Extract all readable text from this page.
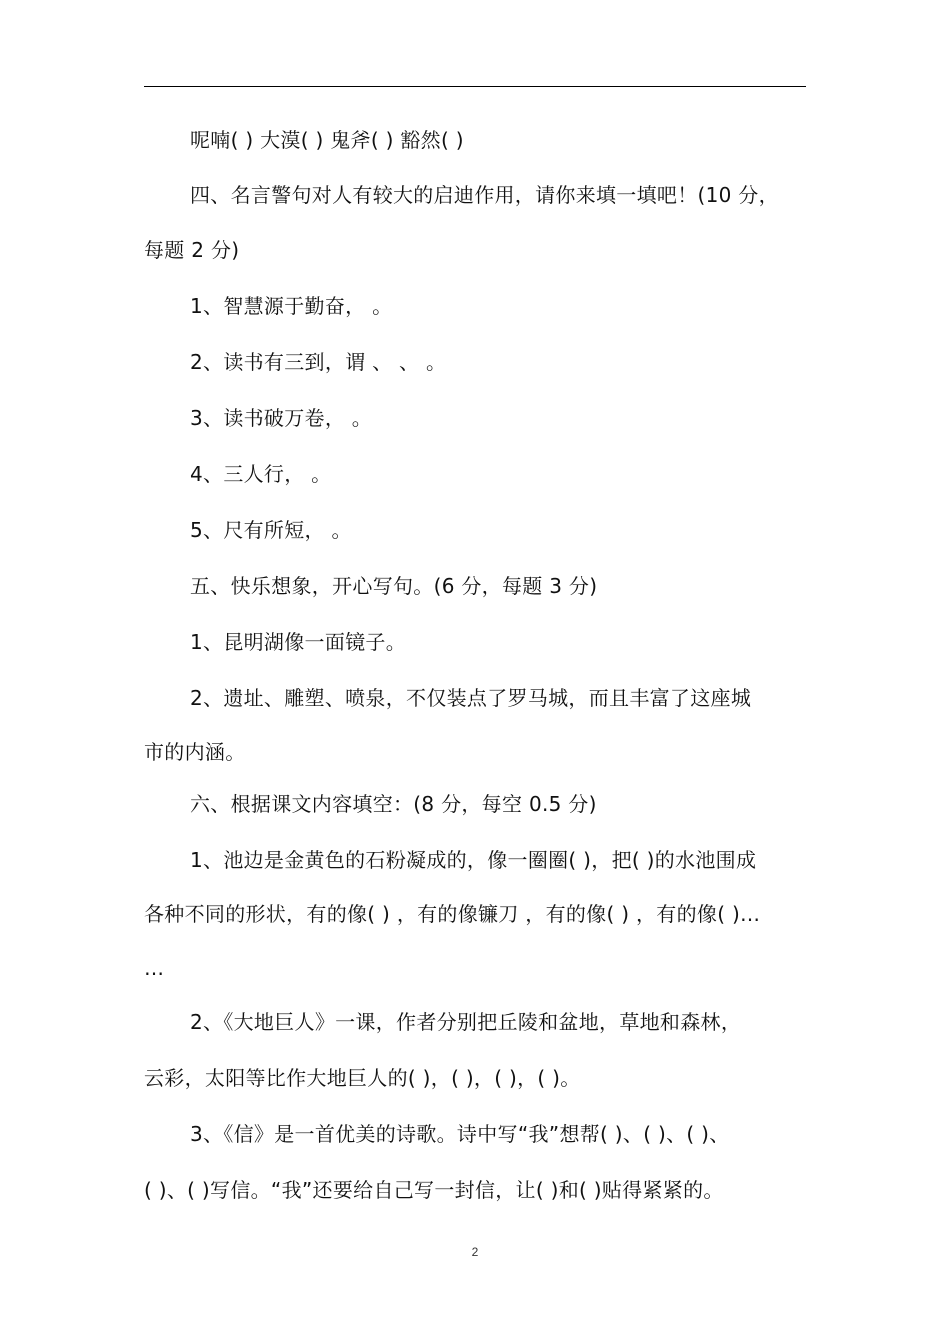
呢喃( ) 大漠( ) 鬼斧( ) 豁然( )
四、名言警句对人有较大的启迪作用，请你来填一填吧！(10 分，
每题 2 分)
1、智慧源于勤奋， 。
2、读书有三到，谓 、 、 。
3、读书破万卷， 。
4、三人行， 。
5、尺有所短， 。
五、快乐想象，开心写句。(6 分，每题 3 分)
1、昆明湖像一面镜子。
2、遗址、雕塑、喷泉，不仅装点了罗马城，而且丰富了这座城
市的内涵。
六、根据课文内容填空：(8 分，每空 0.5 分)
1、池边是金黄色的石粉凝成的，像一圈圈( )，把( )的水池围成
各种不同的形状，有的像( ) ，有的像镰刀 ，有的像( ) ，有的像( )…
…
2、《大地巨人》一课，作者分别把丘陵和盆地，草地和森林，
云彩，太阳等比作大地巨人的( )，( )，( )，( )。
3、《信》是一首优美的诗歌。诗中写“我”想帮( )、( )、( )、
( )、( )写信。“我”还要给自己写一封信，让( )和( )贴得紧紧的。
2
